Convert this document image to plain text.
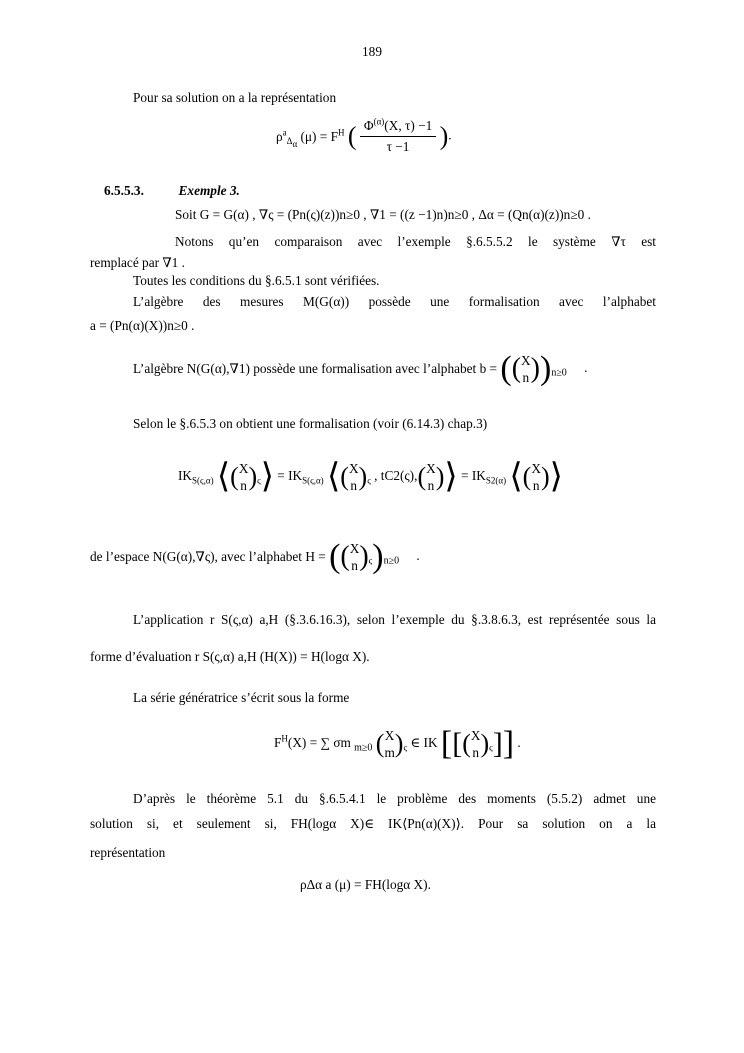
189
Pour sa solution on a la représentation
$\rho^a_{\Delta_\alpha}$ $(\mu) = F^H$ ( $\frac{\Phi^{(\alpha)}(X, \tau) -1}{\tau -1}$ ).
6.5.5.3.	Exemple 3.
Soit G = G(α) , ∇ς = (Pn(ς)(z))n≥0 , ∇1 = ((z −1)n)n≥0 , Δα = (Qn(α)(z))n≥0 .
Notons qu’en comparaison avec l’exemple §.6.5.5.2 le système ∇τ est
remplacé par ∇1 .
Toutes les conditions du §.6.5.1 sont vérifiées.
L’algèbre des mesures M(G(α)) possède une formalisation avec l’alphabet
a = (Pn(α)(X))n≥0 .
L’algèbre N(G(α),∇1) possède une formalisation avec l’alphabet b = (( X
n ))$_{n\ge 0}$ .
Selon le §.6.5.3 on obtient une formalisation (voir (6.14.3) chap.3)
$IK_{S(\varsigma,\alpha)}$ ⟨( X
n )$_\varsigma⟩ = IK_{S(\varsigma,\alpha)}$ ⟨( X
n )$_\varsigma$ , tC2(ς),( X
n )⟩ = $IK_{S2(\alpha)}$ ⟨( X
n )⟩
de l’espace N(G(α),∇ς), avec l’alphabet H = (( X
n )$_\varsigma)_{n\ge 0}$ .
L’application r S(ς,α) a,H (§.3.6.16.3), selon l’exemple du §.3.8.6.3, est représentée sous la
forme d’évaluation r S(ς,α) a,H (H(X)) = H(logα X).
La série génératrice s’écrit sous la forme
$F^H(X)$ = ∑ σm $_{m\ge 0}$ ( X
m )$_\varsigma$ ∈ IK [[( X
n )$_\varsigma$]] .
D’après le théorème 5.1 du §.6.5.4.1 le problème des moments (5.5.2) admet une
solution si, et seulement si, FH(logα X)∈ IK⟨Pn(α)(X)⟩. Pour sa solution on a la
représentation
ρΔα a (μ) = FH(logα X).
